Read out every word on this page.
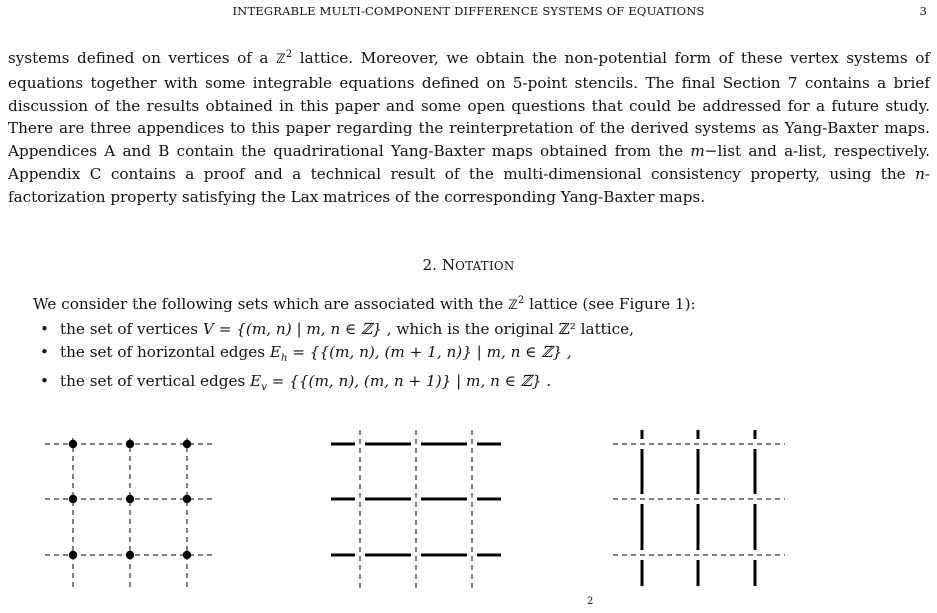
INTEGRABLE MULTI-COMPONENT DIFFERENCE SYSTEMS OF EQUATIONS	3

systems defined on vertices of a ℤ$^2$ lattice. Moreover, we obtain the non-potential form of these vertex systems of equations together with some integrable equations defined on 5-point stencils. The final Section 7 contains a brief discussion of the results obtained in this paper and some open questions that could be addressed for a future study. There are three appendices to this paper regarding the reinterpretation of the derived systems as Yang-Baxter maps. Appendices A and B contain the quadrirational Yang-Baxter maps obtained from the m−list and a-list, respectively. Appendix C contains a proof and a technical result of the multi-dimensional consistency property, using the n-factorization property satisfying the Lax matrices of the corresponding Yang-Baxter maps.

2. NOTATION

We consider the following sets which are associated with the ℤ$^2$ lattice (see Figure 1):

• the set of vertices V = {(m, n) | m, n ∈ ℤ} , which is the original ℤ² lattice,
• the set of horizontal edges $E_h = \{\{(m$, n), (m + 1, n)} | m, n ∈ ℤ} ,
• the set of vertical edges $E_v = \{\{(m$, n), (m, n + 1)} | m, n ∈ ℤ} .
2
